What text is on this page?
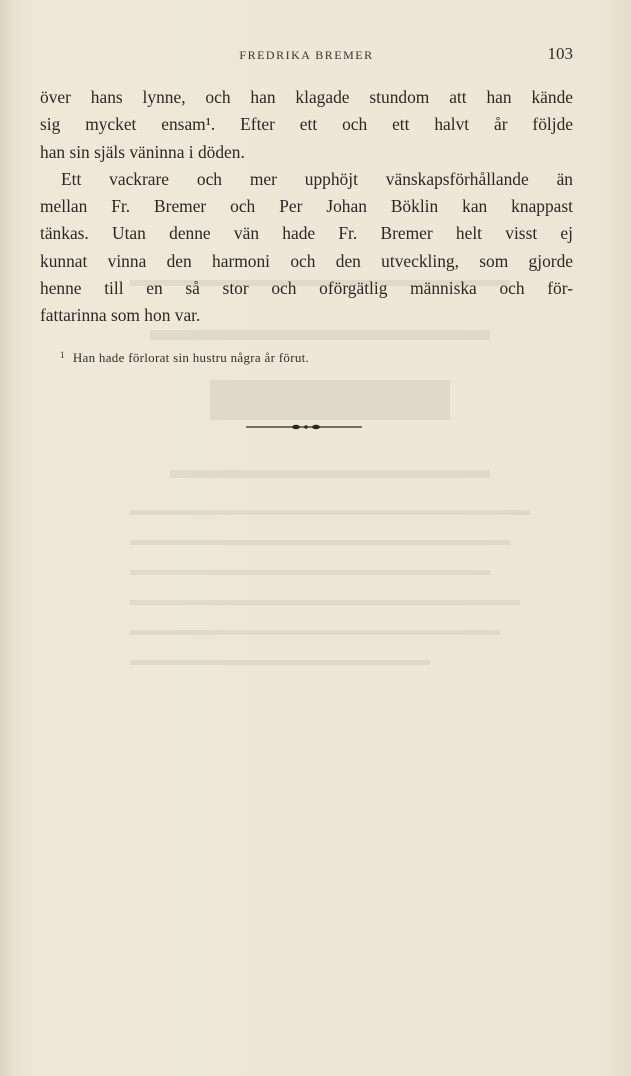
FREDRIKA BREMER	103
över hans lynne, och han klagade stundom att han kände
sig mycket ensam¹. Efter ett och ett halvt år följde
han sin själs väninna i döden.
Ett vackrare och mer upphöjt vänskapsförhållande än
mellan Fr. Bremer och Per Johan Böklin kan knappast
tänkas. Utan denne vän hade Fr. Bremer helt visst ej
kunnat vinna den harmoni och den utveckling, som gjorde
henne till en så stor och oförgätlig människa och för-
fattarinna som hon var.
$^1$ Han hade förlorat sin hustru några år förut.
